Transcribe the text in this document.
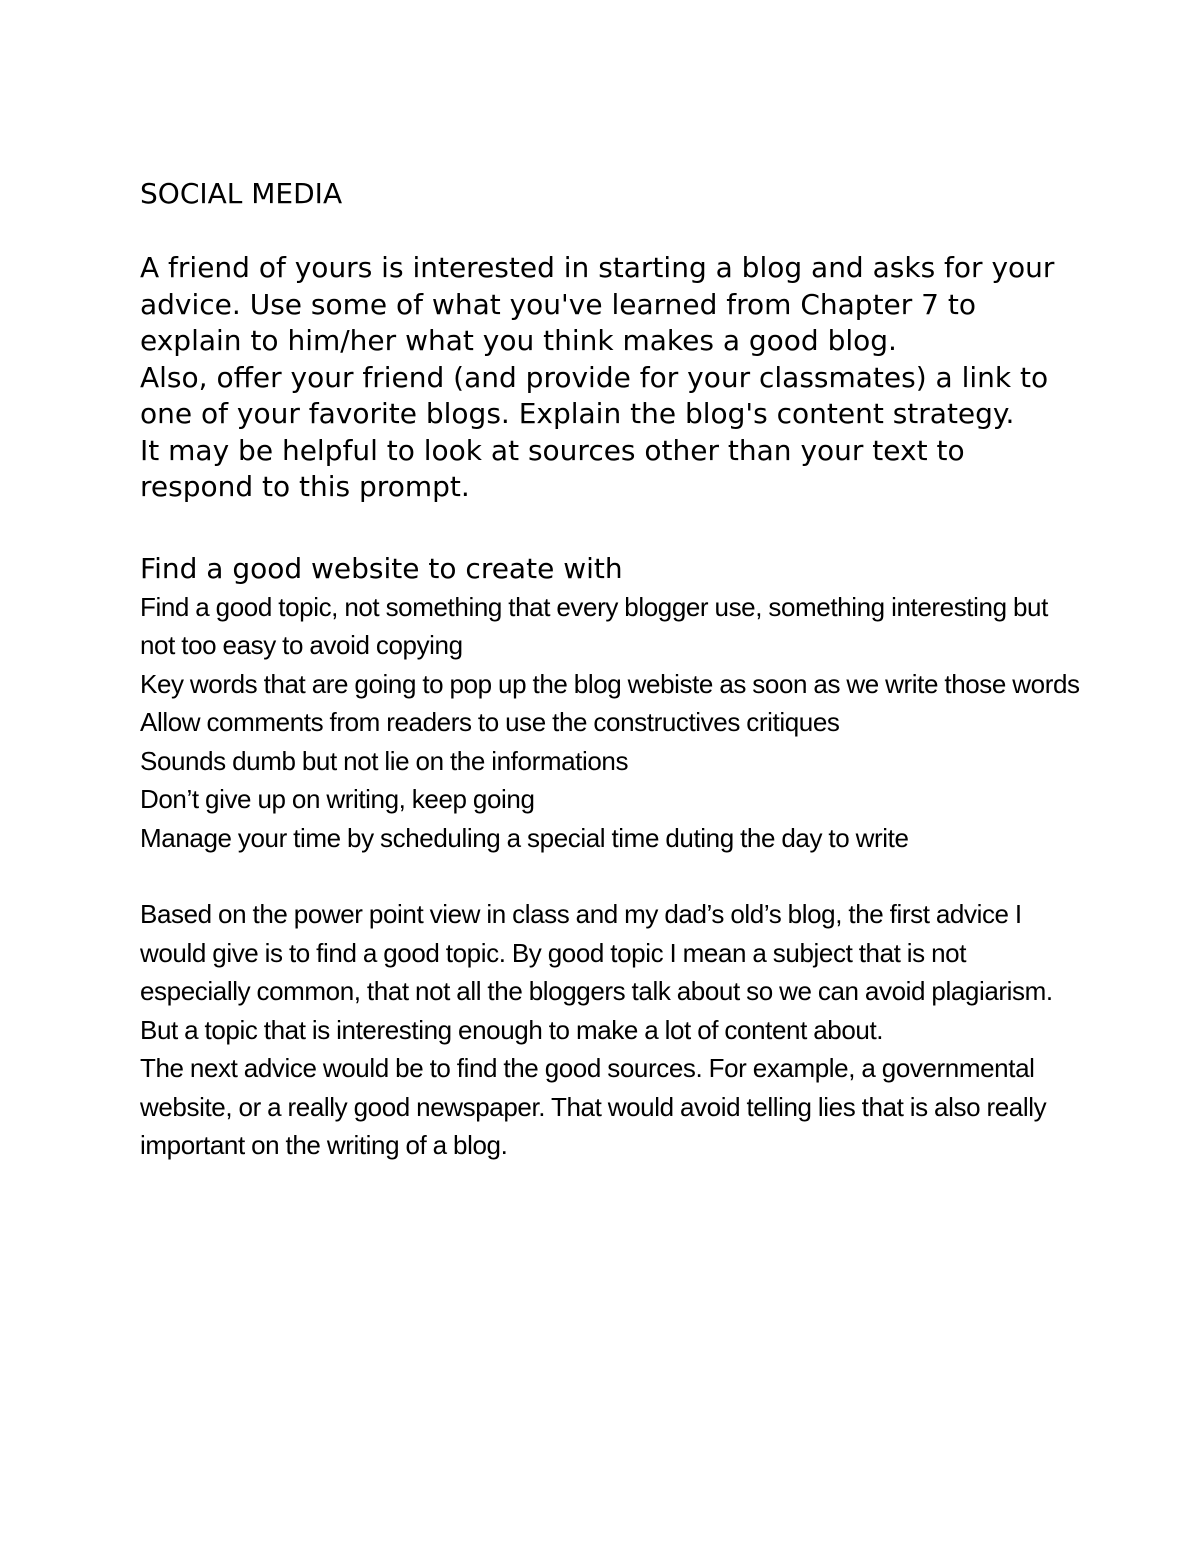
SOCIAL MEDIA

A friend of yours is interested in starting a blog and asks for your advice. Use some of what you've learned from Chapter 7 to explain to him/her what you think makes a good blog.

Also, offer your friend (and provide for your classmates) a link to one of your favorite blogs. Explain the blog's content strategy.

It may be helpful to look at sources other than your text to respond to this prompt.

Find a good website to create with

Find a good topic, not something that every blogger use, something interesting but not too easy to avoid copying

Key words that are going to pop up the blog webiste as soon as we write those words

Allow comments from readers to use the constructives critiques

Sounds dumb but not lie on the informations

Don’t give up on writing, keep going

Manage your time by scheduling a special time duting the day to write

Based on the power point view in class and my dad’s old’s blog, the first advice I would give is to find a good topic. By good topic I mean a subject that is not especially common, that not all the bloggers talk about so we can avoid plagiarism. But a topic that is interesting enough to make a lot of content about.

The next advice would be to find the good sources. For example, a governmental website, or a really good newspaper. That would avoid telling lies that is also really important on the writing of a blog.
